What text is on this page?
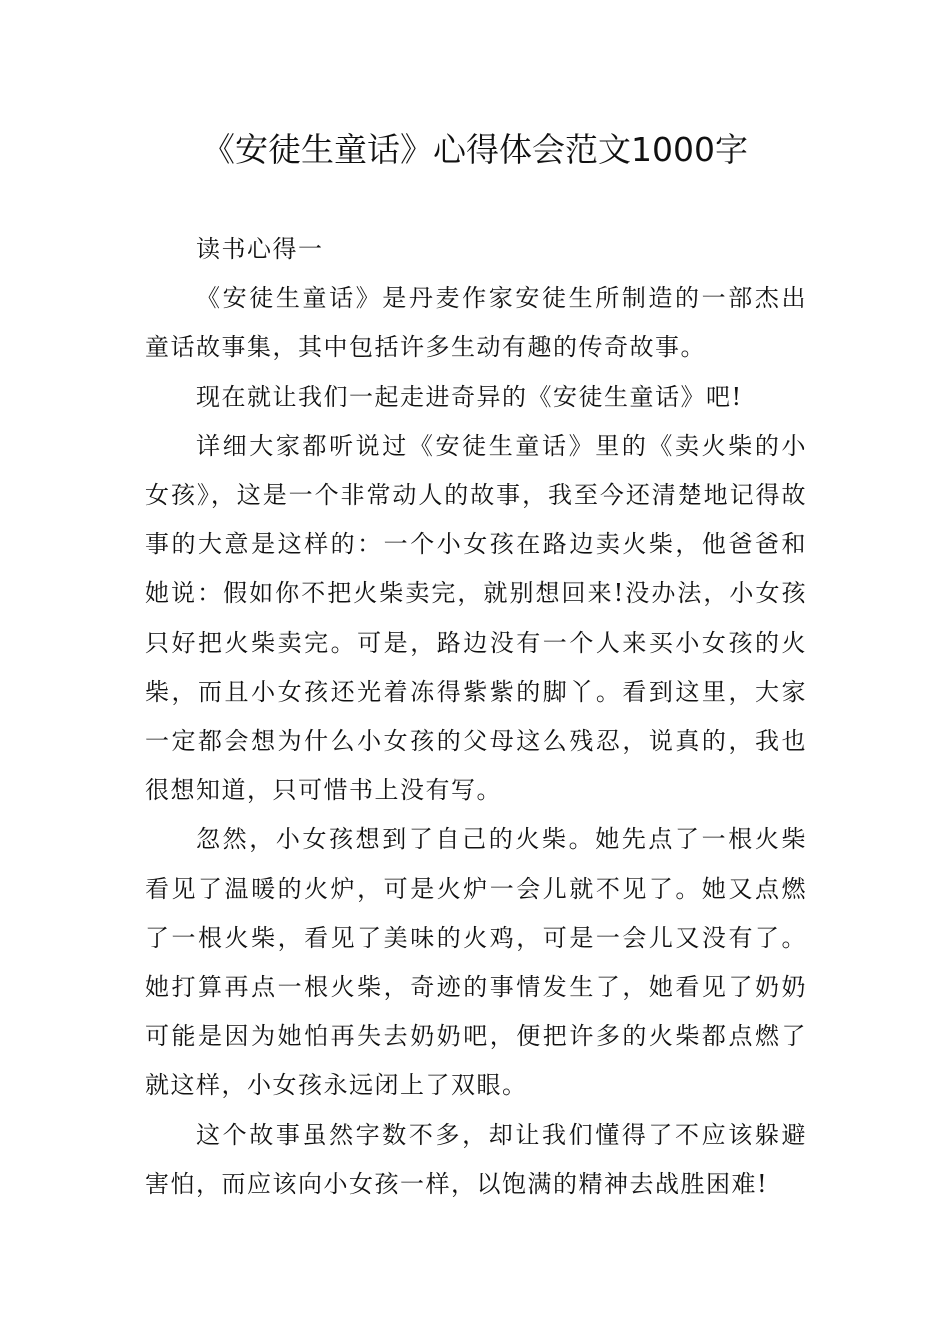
《安徒生童话》心得体会范文1000字

读书心得一

《安徒生童话》是丹麦作家安徒生所制造的一部杰出童话故事集，其中包括许多生动有趣的传奇故事。

现在就让我们一起走进奇异的《安徒生童话》吧!

详细大家都听说过《安徒生童话》里的《卖火柴的小女孩》，这是一个非常动人的故事，我至今还清楚地记得故事的大意是这样的：一个小女孩在路边卖火柴，他爸爸和她说：假如你不把火柴卖完，就别想回来!没办法，小女孩只好把火柴卖完。可是，路边没有一个人来买小女孩的火柴，而且小女孩还光着冻得紫紫的脚丫。看到这里，大家一定都会想为什么小女孩的父母这么残忍，说真的，我也很想知道，只可惜书上没有写。

忽然，小女孩想到了自己的火柴。她先点了一根火柴看见了温暖的火炉，可是火炉一会儿就不见了。她又点燃了一根火柴，看见了美味的火鸡，可是一会儿又没有了。她打算再点一根火柴，奇迹的事情发生了，她看见了奶奶可能是因为她怕再失去奶奶吧，便把许多的火柴都点燃了就这样，小女孩永远闭上了双眼。

这个故事虽然字数不多，却让我们懂得了不应该躲避害怕，而应该向小女孩一样，以饱满的精神去战胜困难!
